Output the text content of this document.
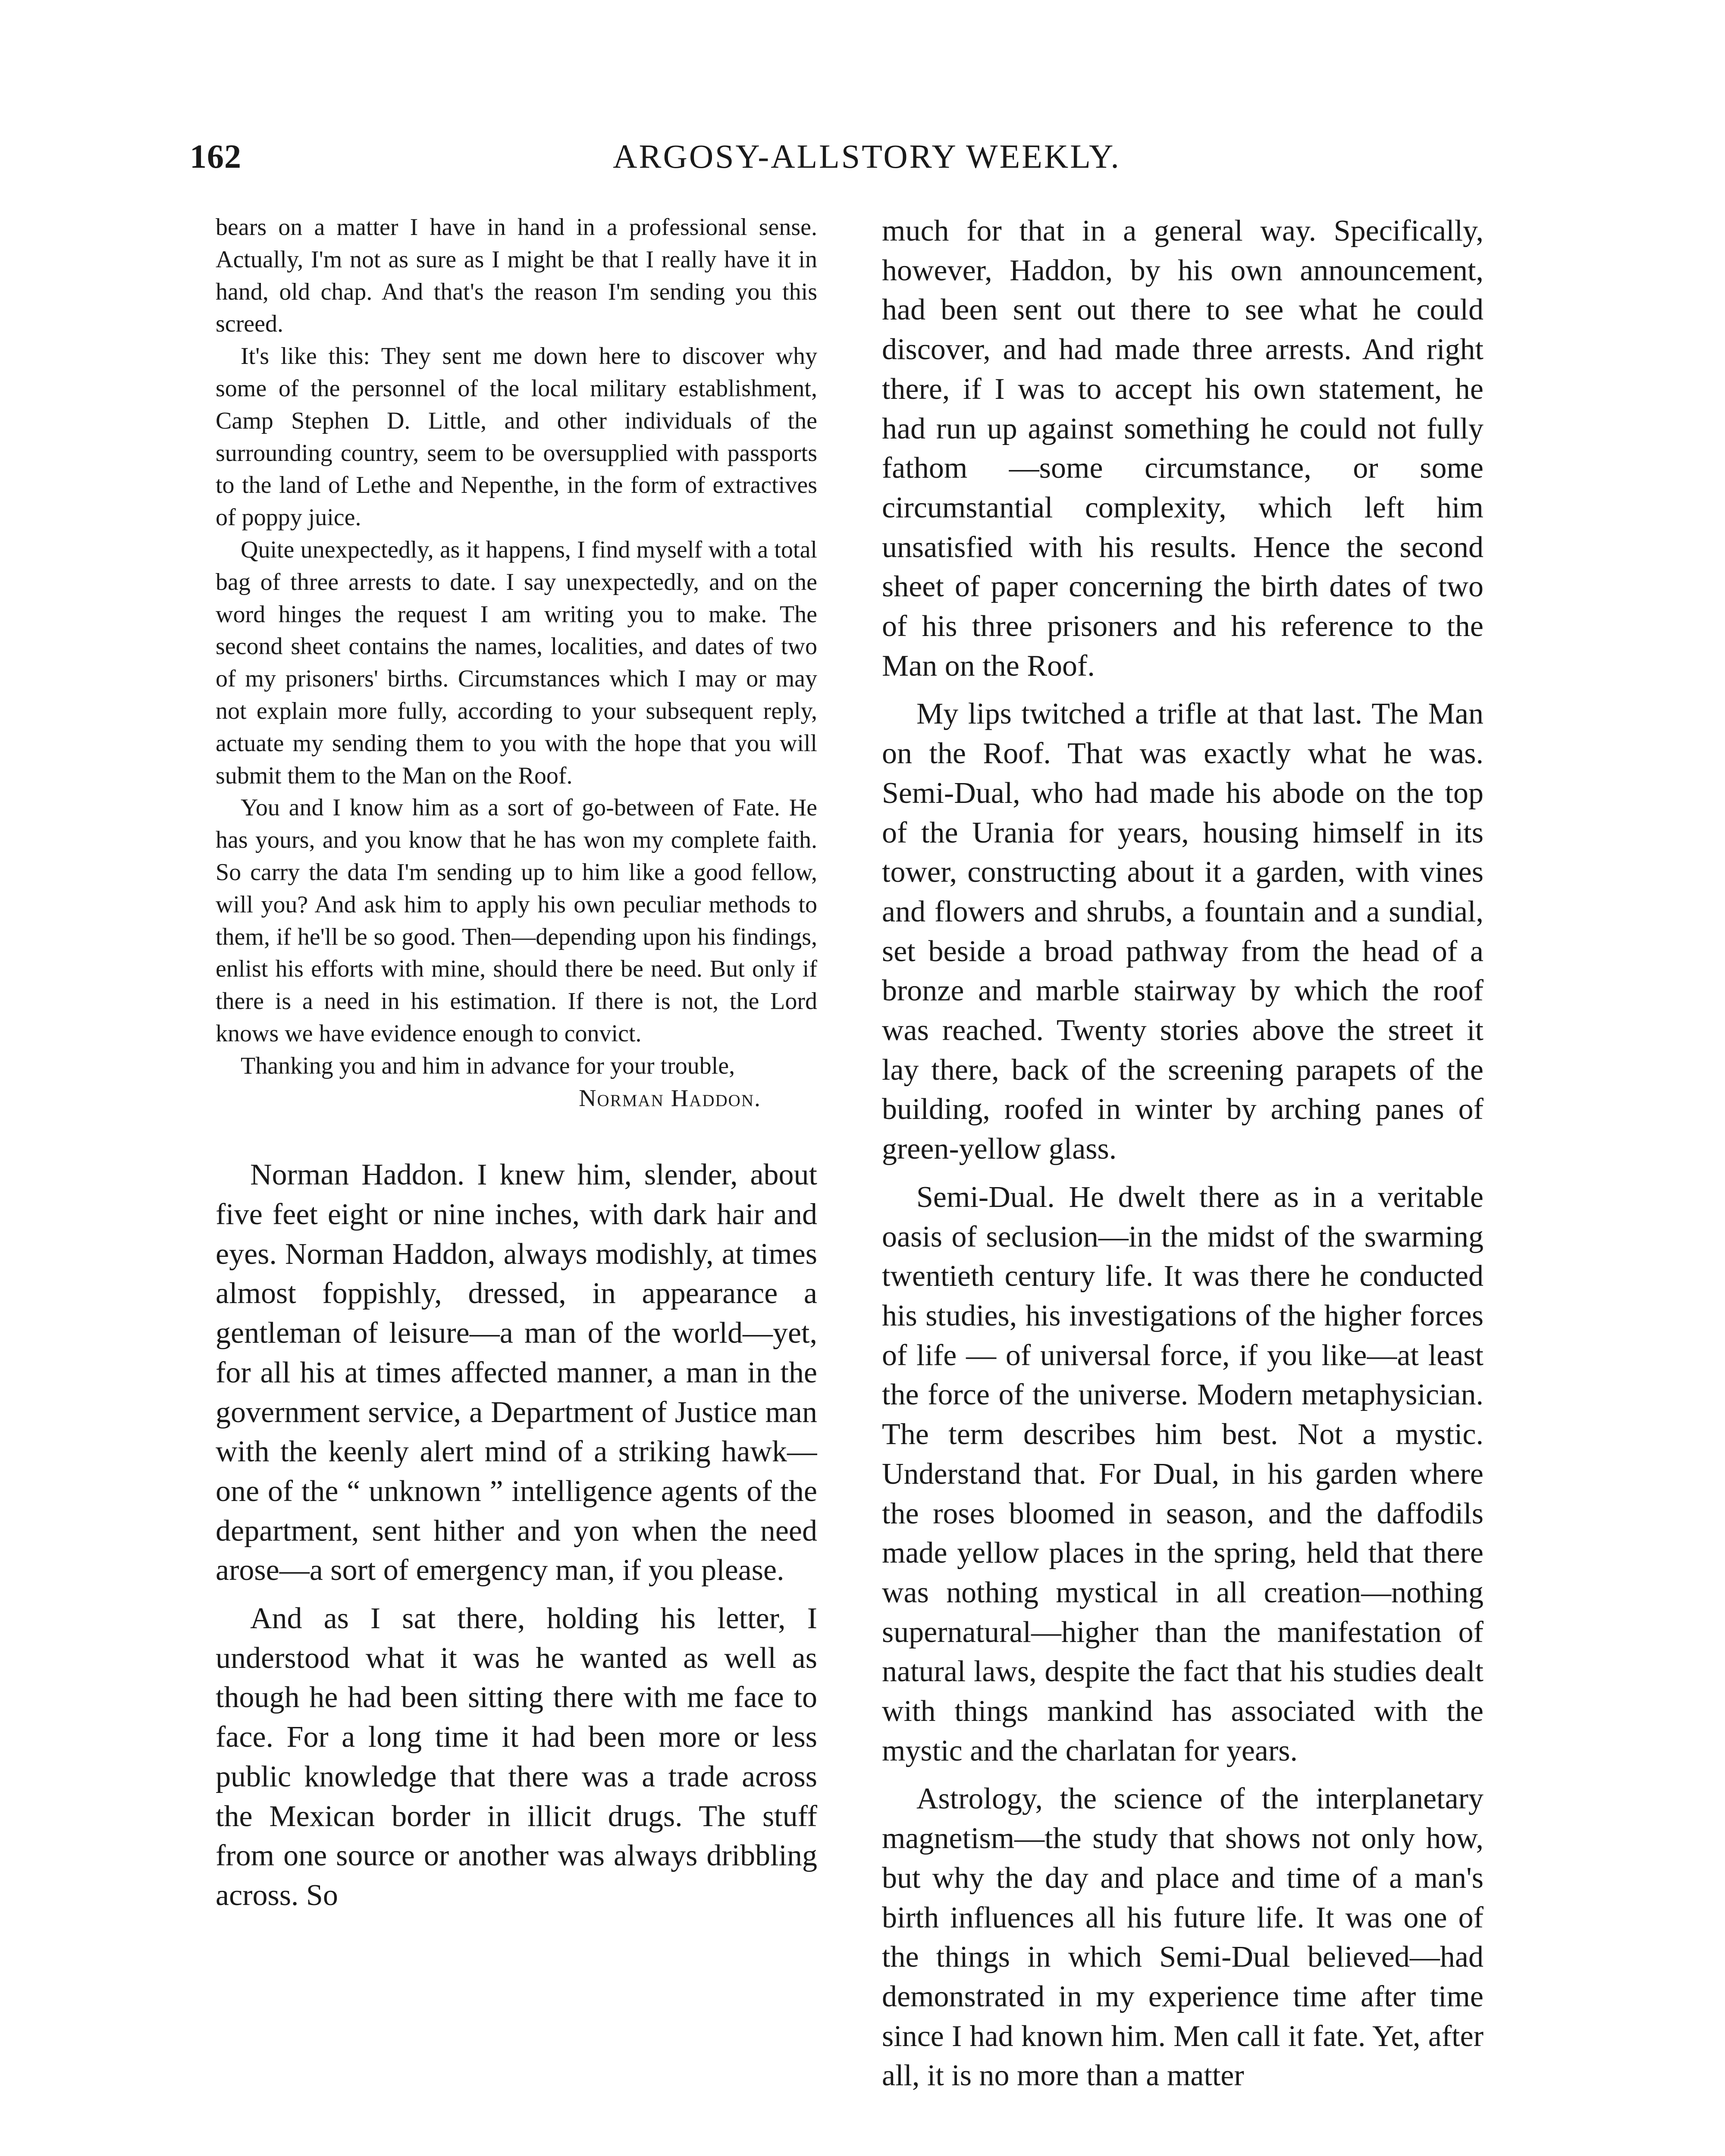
162	ARGOSY-ALLSTORY WEEKLY.

bears on a matter I have in hand in a professional sense. Actually, I'm not as sure as I might be that I really have it in hand, old chap. And that's the reason I'm sending you this screed.

It's like this: They sent me down here to discover why some of the personnel of the local military establishment, Camp Stephen D. Little, and other individuals of the surrounding country, seem to be oversupplied with passports to the land of Lethe and Nepenthe, in the form of extractives of poppy juice.

Quite unexpectedly, as it happens, I find myself with a total bag of three arrests to date. I say unexpectedly, and on the word hinges the request I am writing you to make. The second sheet contains the names, localities, and dates of two of my prisoners' births. Circumstances which I may or may not explain more fully, according to your subsequent reply, actuate my sending them to you with the hope that you will submit them to the Man on the Roof.

You and I know him as a sort of go-between of Fate. He has yours, and you know that he has won my complete faith. So carry the data I'm sending up to him like a good fellow, will you? And ask him to apply his own peculiar methods to them, if he'll be so good. Then—depending upon his findings, enlist his efforts with mine, should there be need. But only if there is a need in his estimation. If there is not, the Lord knows we have evidence enough to convict.

Thanking you and him in advance for your trouble,

Norman Haddon.

Norman Haddon. I knew him, slender, about five feet eight or nine inches, with dark hair and eyes. Norman Haddon, always modishly, at times almost foppishly, dressed, in appearance a gentleman of leisure—a man of the world—yet, for all his at times affected manner, a man in the government service, a Department of Justice man with the keenly alert mind of a striking hawk—one of the “ unknown ” intelligence agents of the department, sent hither and yon when the need arose—a sort of emergency man, if you please.

And as I sat there, holding his letter, I understood what it was he wanted as well as though he had been sitting there with me face to face. For a long time it had been more or less public knowledge that there was a trade across the Mexican border in illicit drugs. The stuff from one source or another was always dribbling across. So

much for that in a general way. Specifically, however, Haddon, by his own announcement, had been sent out there to see what he could discover, and had made three arrests. And right there, if I was to accept his own statement, he had run up against something he could not fully fathom —some circumstance, or some circumstantial complexity, which left him unsatisfied with his results. Hence the second sheet of paper concerning the birth dates of two of his three prisoners and his reference to the Man on the Roof.

My lips twitched a trifle at that last. The Man on the Roof. That was exactly what he was. Semi-Dual, who had made his abode on the top of the Urania for years, housing himself in its tower, constructing about it a garden, with vines and flowers and shrubs, a fountain and a sundial, set beside a broad pathway from the head of a bronze and marble stairway by which the roof was reached. Twenty stories above the street it lay there, back of the screening parapets of the building, roofed in winter by arching panes of green-yellow glass.

Semi-Dual. He dwelt there as in a veritable oasis of seclusion—in the midst of the swarming twentieth century life. It was there he conducted his studies, his investigations of the higher forces of life — of universal force, if you like—at least the force of the universe. Modern metaphysician. The term describes him best. Not a mystic. Understand that. For Dual, in his garden where the roses bloomed in season, and the daffodils made yellow places in the spring, held that there was nothing mystical in all creation—nothing supernatural—higher than the manifestation of natural laws, despite the fact that his studies dealt with things mankind has associated with the mystic and the charlatan for years.

Astrology, the science of the interplanetary magnetism—the study that shows not only how, but why the day and place and time of a man's birth influences all his future life. It was one of the things in which Semi-Dual believed—had demonstrated in my experience time after time since I had known him. Men call it fate. Yet, after all, it is no more than a matter
